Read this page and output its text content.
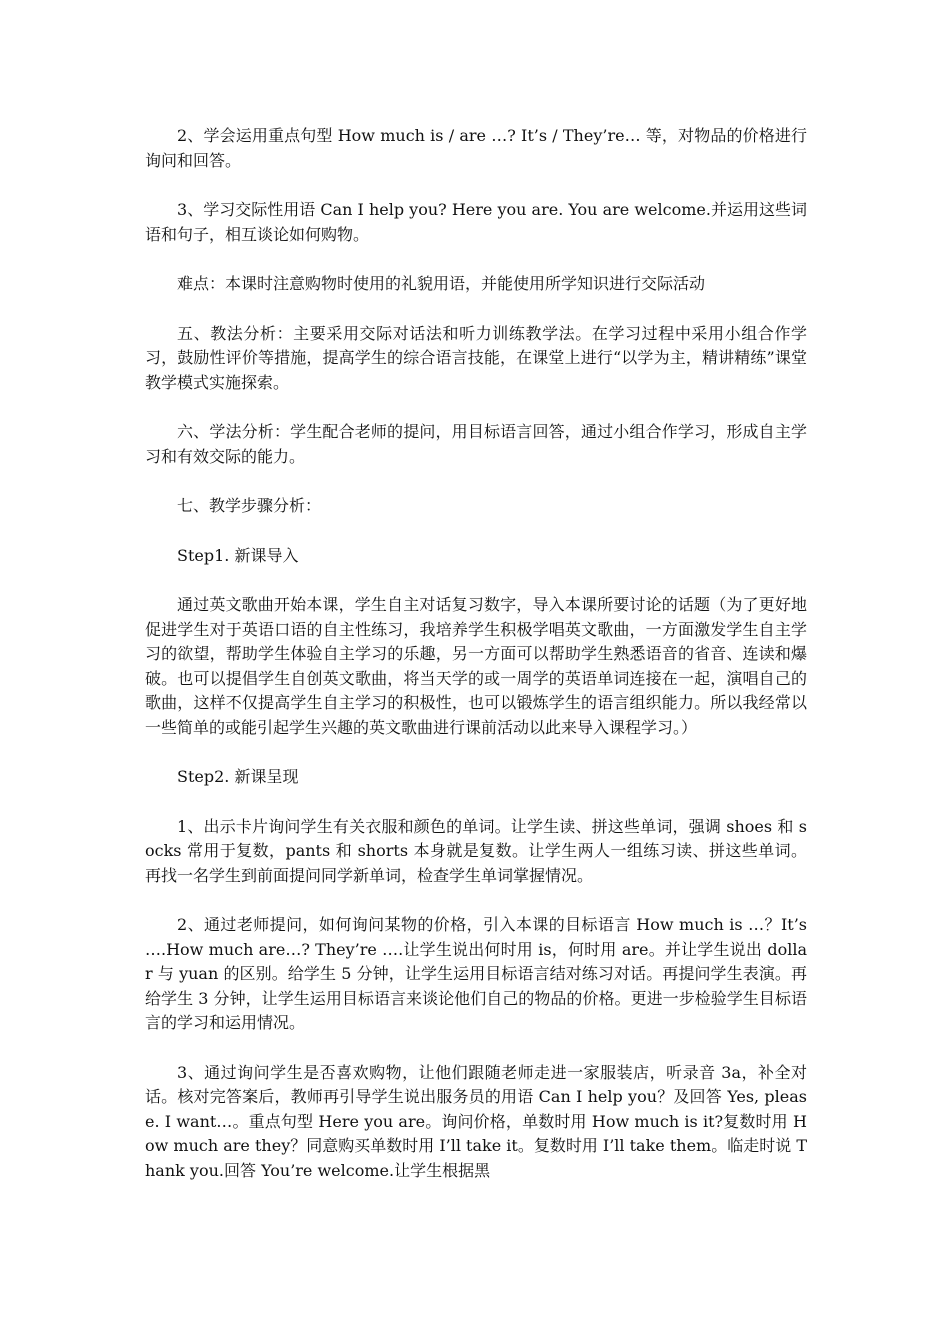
2、学会运用重点句型 How much is / are …? It’s / They’re… 等，对物品的价格进行询问和回答。

3、学习交际性用语 Can I help you? Here you are. You are welcome.并运用这些词语和句子，相互谈论如何购物。

难点：本课时注意购物时使用的礼貌用语，并能使用所学知识进行交际活动

五、教法分析：主要采用交际对话法和听力训练教学法。在学习过程中采用小组合作学习，鼓励性评价等措施，提高学生的综合语言技能，在课堂上进行“以学为主，精讲精练”课堂教学模式实施探索。

六、学法分析：学生配合老师的提问，用目标语言回答，通过小组合作学习，形成自主学习和有效交际的能力。

七、教学步骤分析：

Step1. 新课导入

通过英文歌曲开始本课，学生自主对话复习数字，导入本课所要讨论的话题（为了更好地促进学生对于英语口语的自主性练习，我培养学生积极学唱英文歌曲，一方面激发学生自主学习的欲望，帮助学生体验自主学习的乐趣，另一方面可以帮助学生熟悉语音的省音、连读和爆破。也可以提倡学生自创英文歌曲，将当天学的或一周学的英语单词连接在一起，演唱自己的歌曲，这样不仅提高学生自主学习的积极性，也可以锻炼学生的语言组织能力。所以我经常以一些简单的或能引起学生兴趣的英文歌曲进行课前活动以此来导入课程学习。）

Step2. 新课呈现

1、出示卡片询问学生有关衣服和颜色的单词。让学生读、拼这些单词，强调 shoes 和 socks 常用于复数，pants 和 shorts 本身就是复数。让学生两人一组练习读、拼这些单词。再找一名学生到前面提问同学新单词，检查学生单词掌握情况。

2、通过老师提问，如何询问某物的价格，引入本课的目标语言 How much is …？It’s ….How much are…? They’re ….让学生说出何时用 is，何时用 are。并让学生说出 dollar 与 yuan 的区别。给学生 5 分钟，让学生运用目标语言结对练习对话。再提问学生表演。再给学生 3 分钟，让学生运用目标语言来谈论他们自己的物品的价格。更进一步检验学生目标语言的学习和运用情况。

3、通过询问学生是否喜欢购物，让他们跟随老师走进一家服装店，听录音 3a，补全对话。核对完答案后，教师再引导学生说出服务员的用语 Can I help you？及回答 Yes, please. I want…。重点句型 Here you are。询问价格，单数时用 How much is it?复数时用 How much are they？同意购买单数时用 I’ll take it。复数时用 I’ll take them。临走时说 Thank you.回答 You’re welcome.让学生根据黑
